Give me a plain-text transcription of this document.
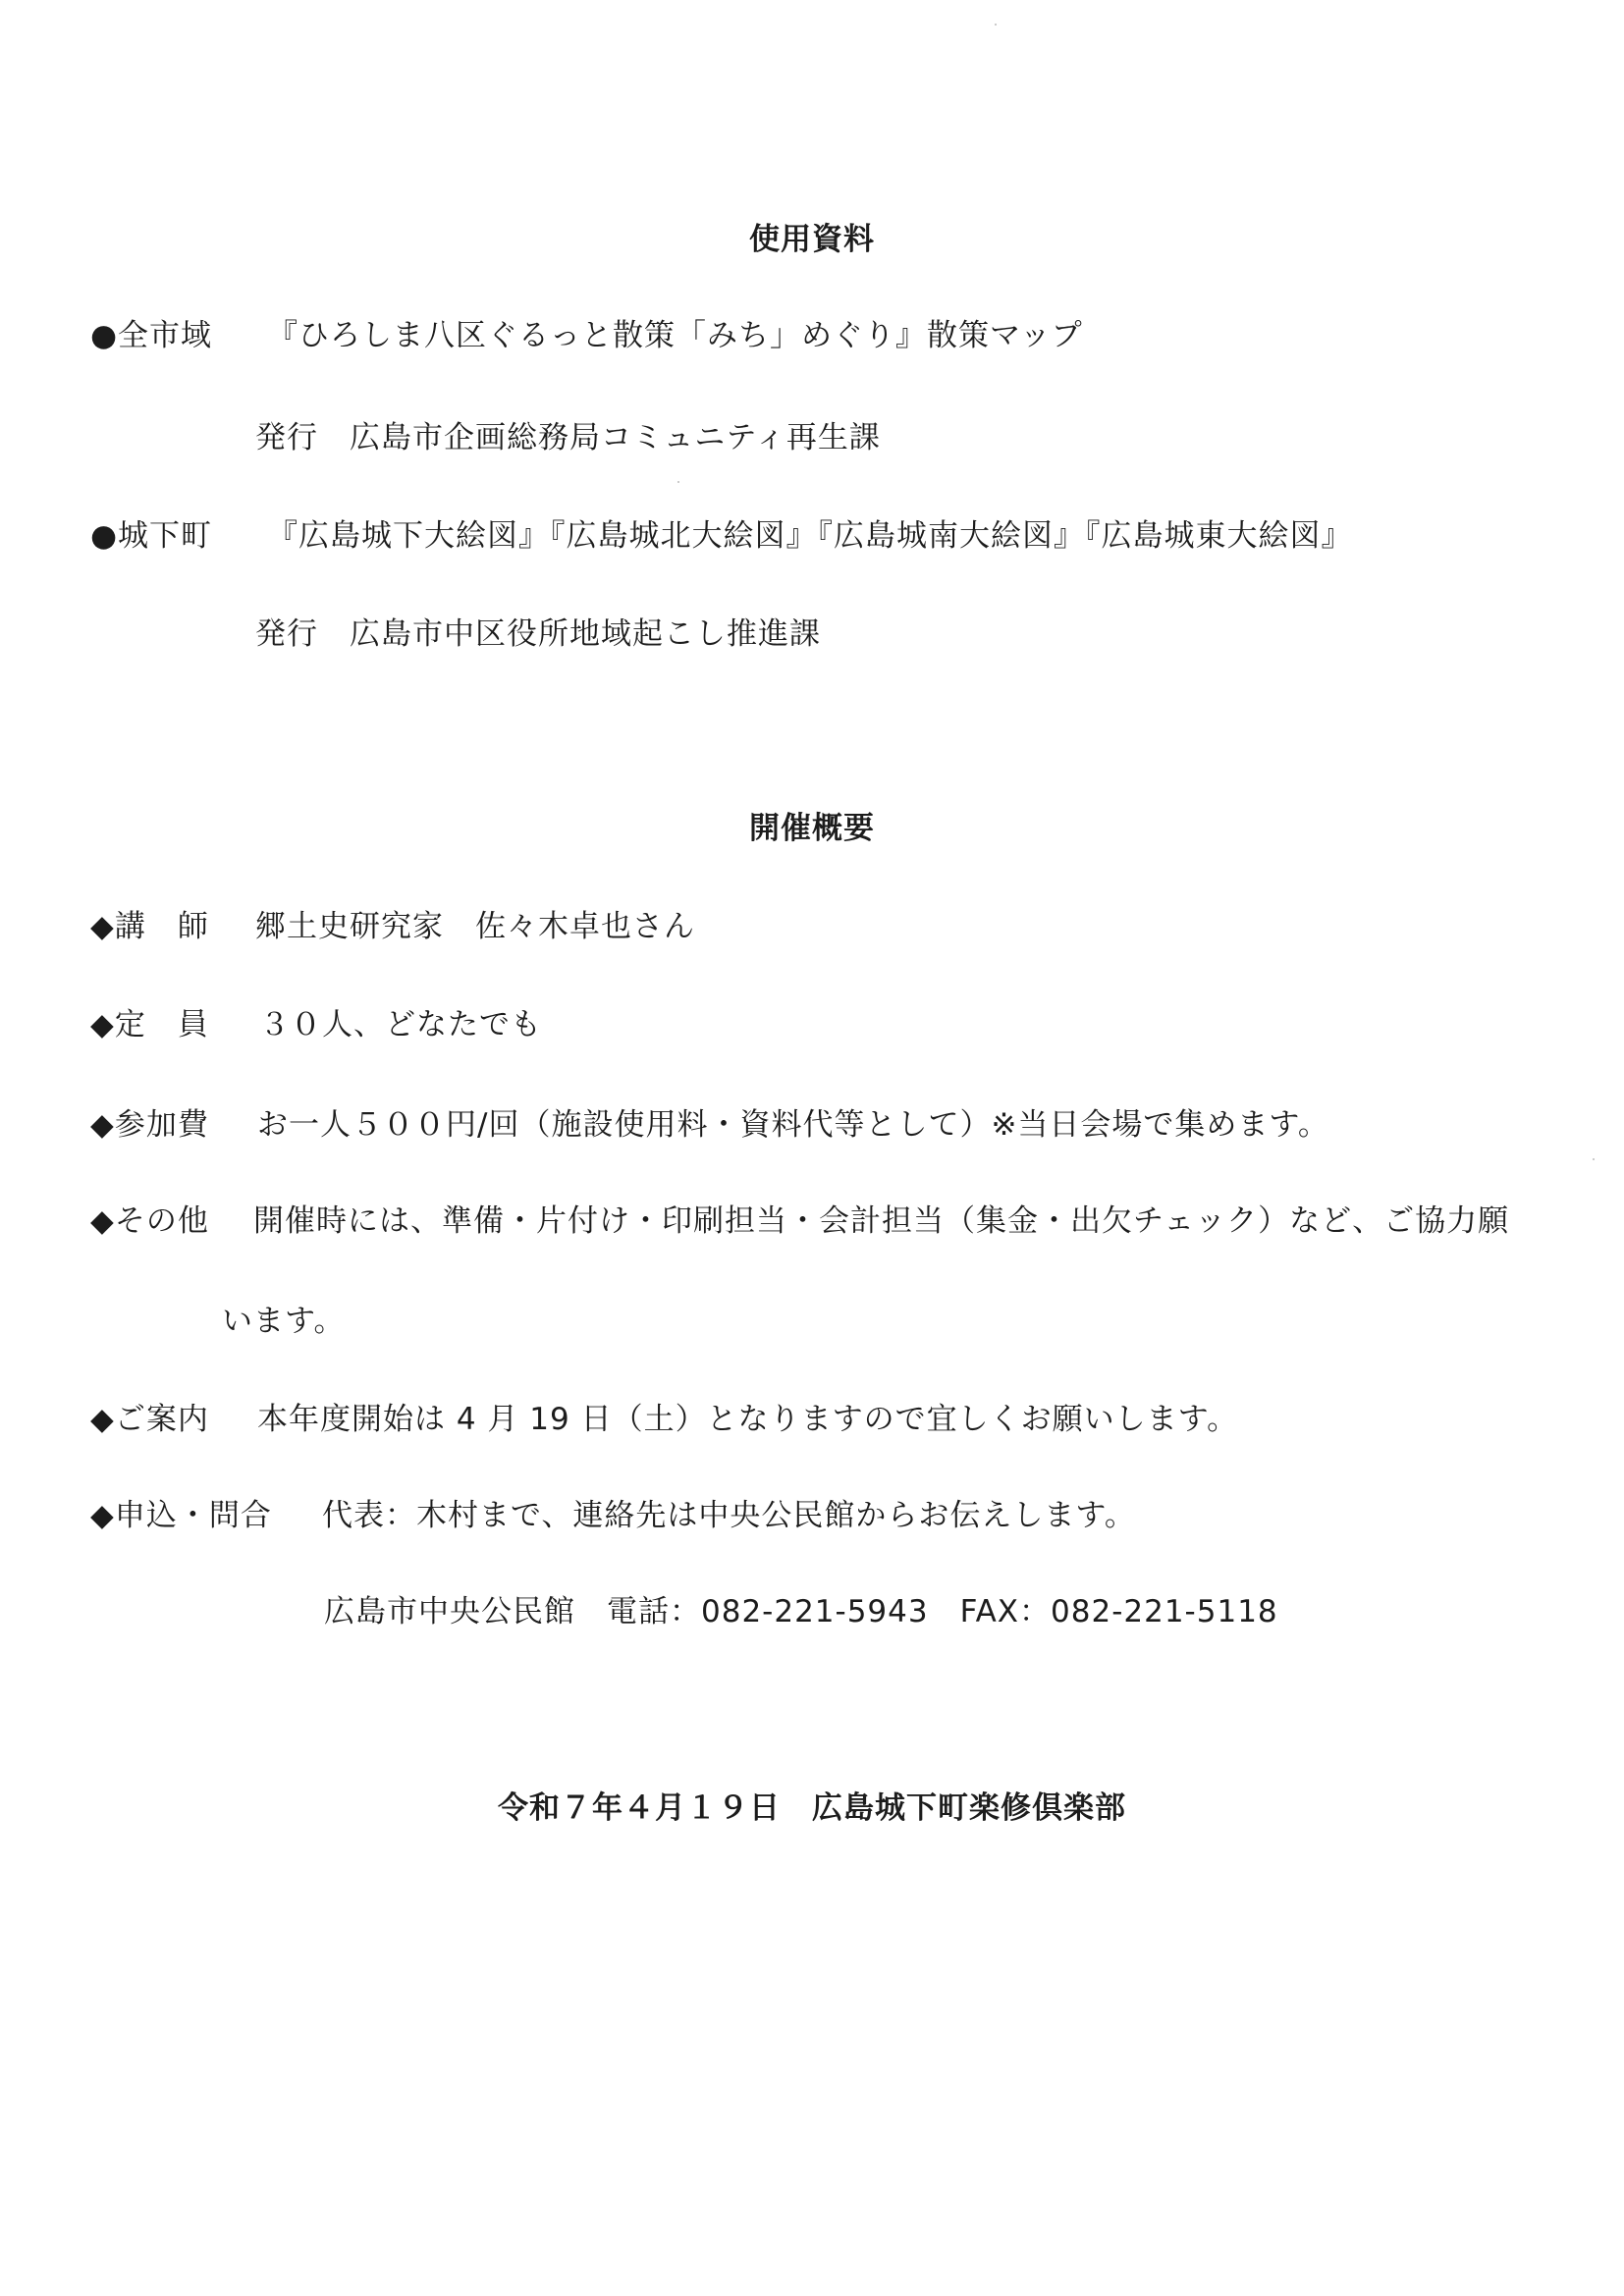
使用資料
●全市域 『ひろしま八区ぐるっと散策「みち」めぐり』散策マップ
発行　広島市企画総務局コミュニティ再生課
●城下町 『広島城下大絵図』『広島城北大絵図』『広島城南大絵図』『広島城東大絵図』
発行　広島市中区役所地域起こし推進課
開催概要
◆講　師 郷土史研究家　佐々木卓也さん
◆定　員 ３０人、どなたでも
◆参加費 お一人５００円/回（施設使用料・資料代等として）※当日会場で集めます。
◆その他 開催時には、準備・片付け・印刷担当・会計担当（集金・出欠チェック）など、ご協力願
います。
◆ご案内 本年度開始は 4 月 19 日（土）となりますので宜しくお願いします。
◆申込・問合 代表：木村まで、連絡先は中央公民館からお伝えします。
広島市中央公民館　電話：082-221-5943　FAX：082-221-5118
令和７年４月１９日　広島城下町楽修倶楽部
